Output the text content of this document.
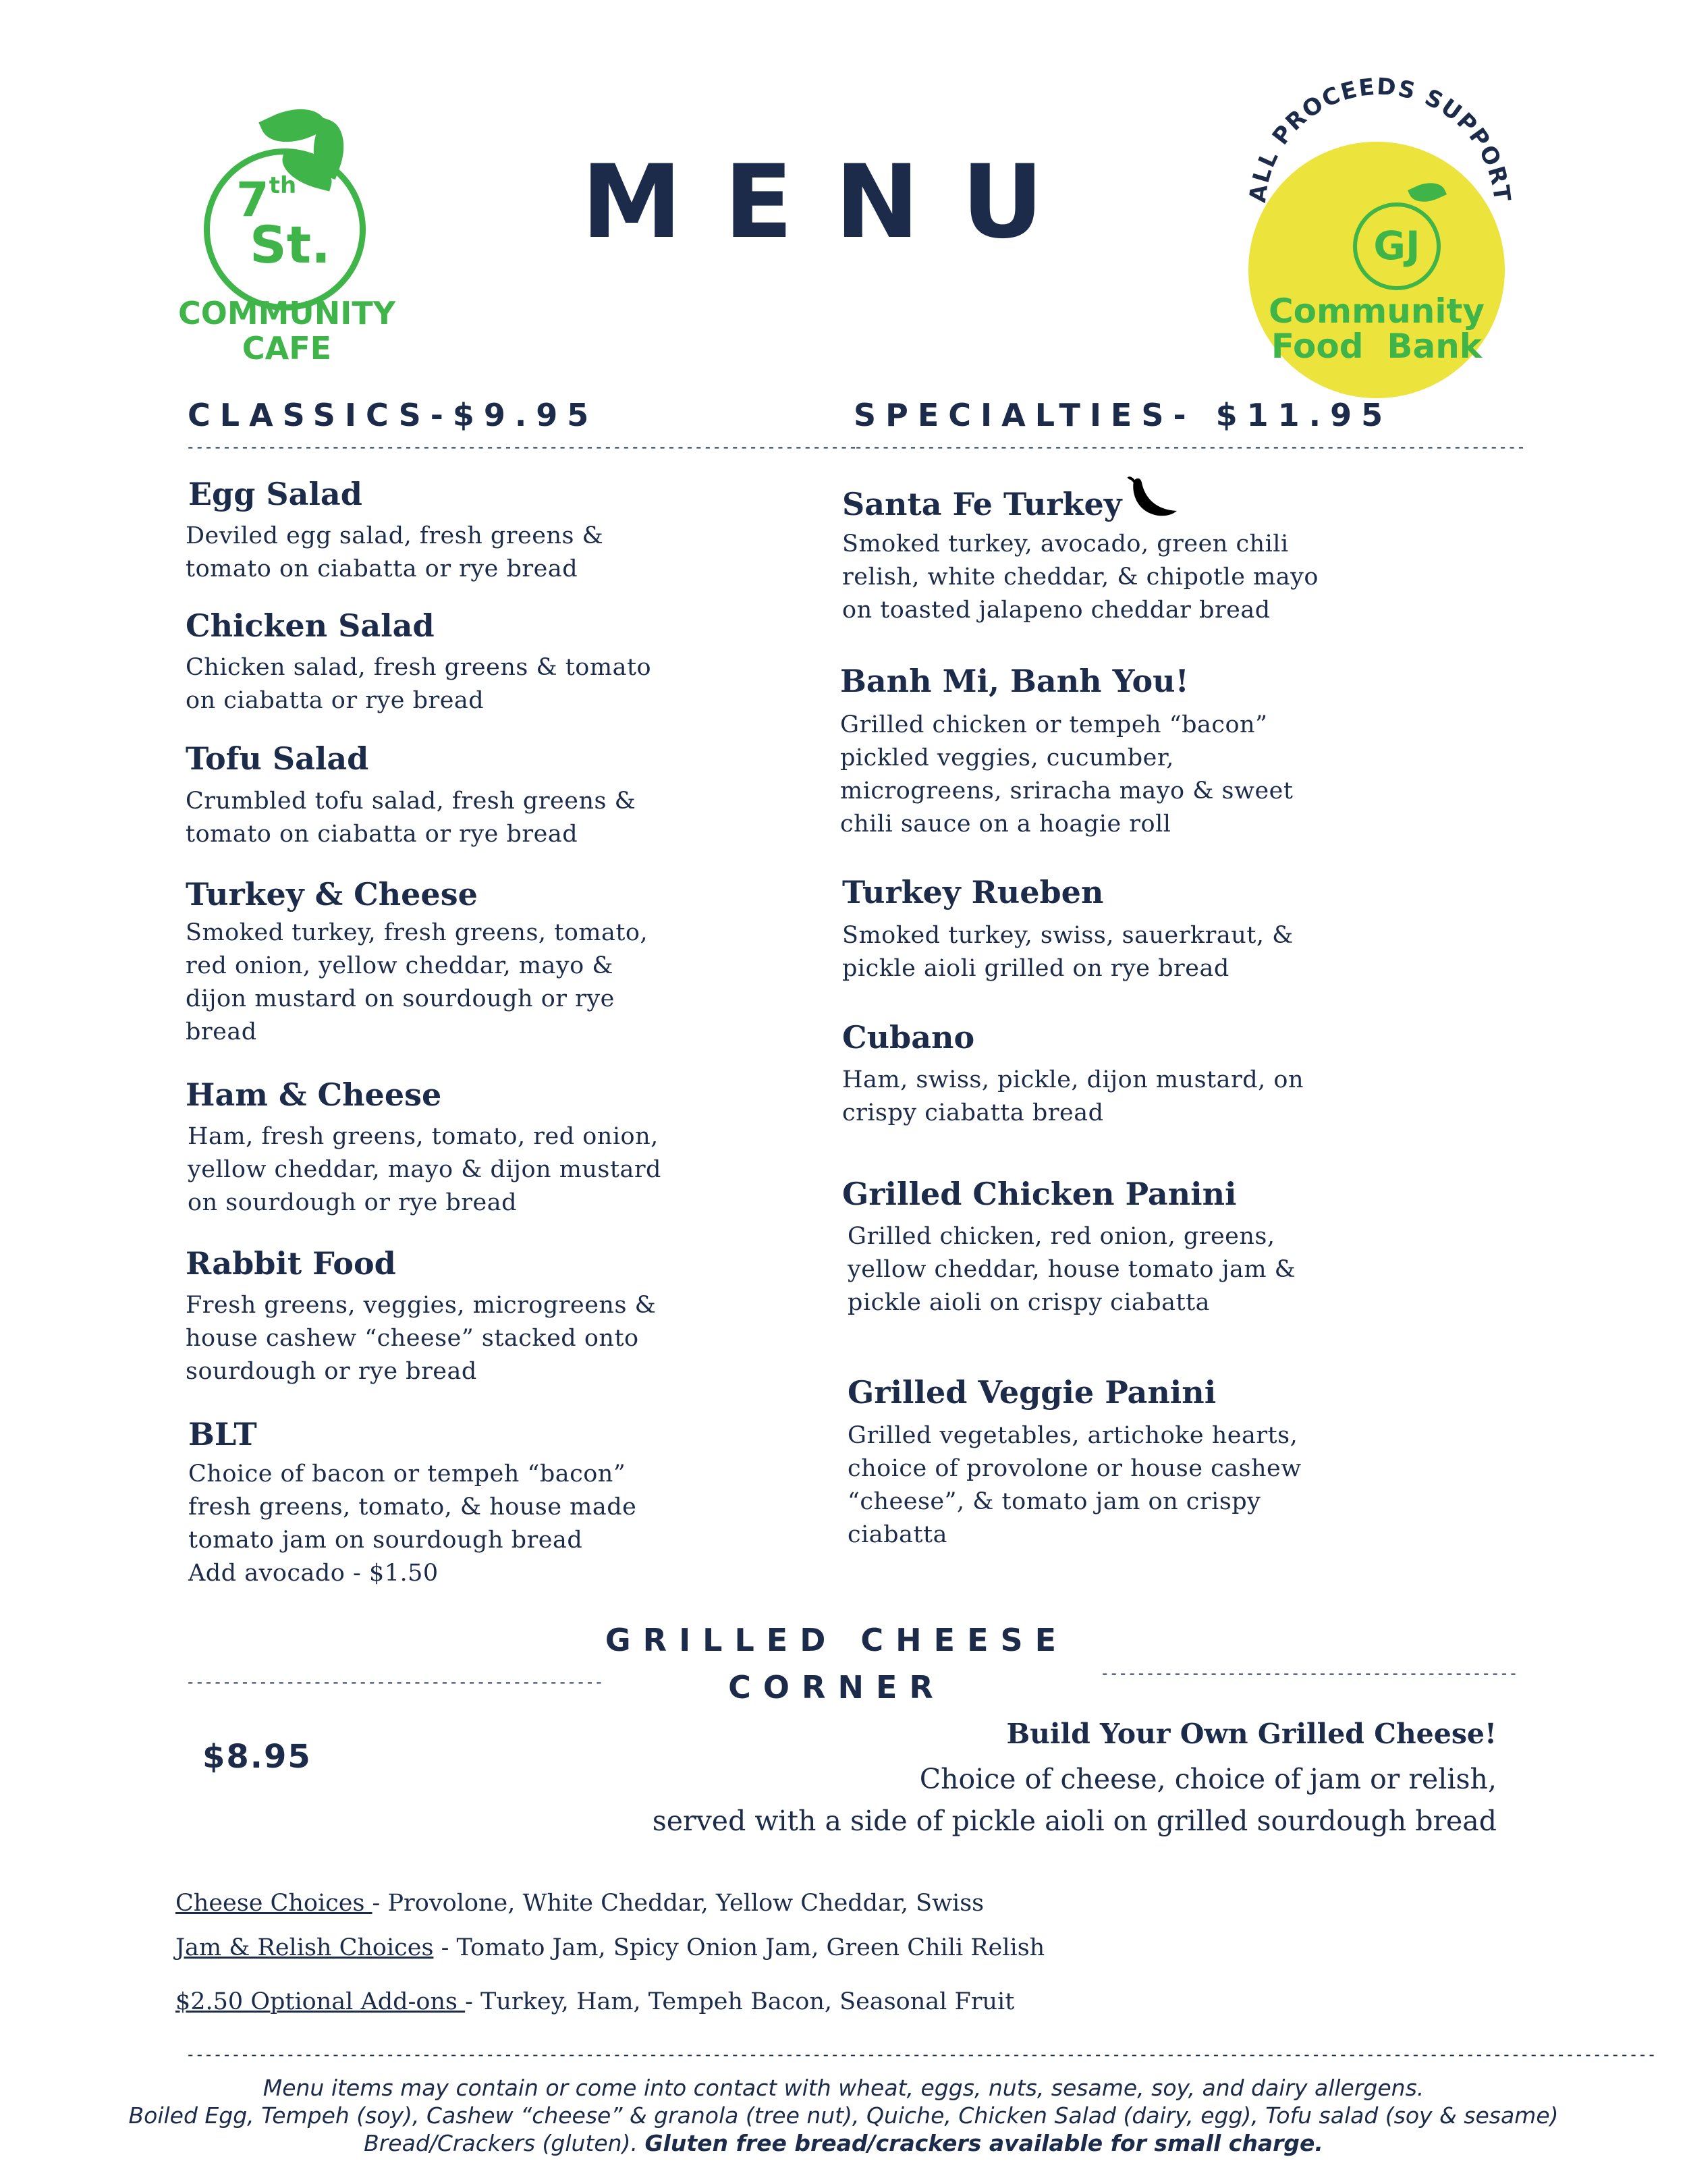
7th
St.
COMMUNITY
CAFE
MENU	GJ
Community
Food  Bank
ALL PROCEEDS SUPPORT
CLASSICS-$9.95
--------------------------------------------------------------------------
SPECIALTIES- $11.95
--------------------------------------------------------------------------
Egg Salad
Deviled egg salad, fresh greens &
tomato on ciabatta or rye bread
Chicken Salad
Chicken salad, fresh greens & tomato
on ciabatta or rye bread
Tofu Salad
Crumbled tofu salad, fresh greens &
tomato on ciabatta or rye bread
Turkey & Cheese
Smoked turkey, fresh greens, tomato,
red onion, yellow cheddar, mayo &
dijon mustard on sourdough or rye
bread
Ham & Cheese
Ham, fresh greens, tomato, red onion,
yellow cheddar, mayo & dijon mustard
on sourdough or rye bread
Rabbit Food
Fresh greens, veggies, microgreens &
house cashew “cheese” stacked onto
sourdough or rye bread
BLT
Choice of bacon or tempeh “bacon”
fresh greens, tomato, & house made
tomato jam on sourdough bread
Add avocado - $1.50
Santa Fe Turkey
Smoked turkey, avocado, green chili
relish, white cheddar, & chipotle mayo
on toasted jalapeno cheddar bread
Banh Mi, Banh You!
Grilled chicken or tempeh “bacon”
pickled veggies, cucumber,
microgreens, sriracha mayo & sweet
chili sauce on a hoagie roll
Turkey Rueben
Smoked turkey, swiss, sauerkraut, &
pickle aioli grilled on rye bread
Cubano
Ham, swiss, pickle, dijon mustard, on
crispy ciabatta bread
Grilled Chicken Panini
Grilled chicken, red onion, greens,
yellow cheddar, house tomato jam &
pickle aioli on crispy ciabatta
Grilled Veggie Panini
Grilled vegetables, artichoke hearts,
choice of provolone or house cashew
“cheese”, & tomato jam on crispy
ciabatta
----------------------------------------------	----------------------------------------------
GRILLED CHEESE
CORNER
$8.95
Build Your Own Grilled Cheese!
Choice of cheese, choice of jam or relish,
served with a side of pickle aioli on grilled sourdough bread
Cheese Choices - Provolone, White Cheddar, Yellow Cheddar, Swiss
Jam & Relish Choices - Tomato Jam, Spicy Onion Jam, Green Chili Relish
$2.50 Optional Add-ons - Turkey, Ham, Tempeh Bacon, Seasonal Fruit
------------------------------------------------------------------------------------------------------------------------------------------------------------------
Menu items may contain or come into contact with wheat, eggs, nuts, sesame, soy, and dairy allergens.
Boiled Egg, Tempeh (soy), Cashew “cheese” & granola (tree nut), Quiche, Chicken Salad (dairy, egg), Tofu salad (soy & sesame)
Bread/Crackers (gluten). Gluten free bread/crackers available for small charge.
